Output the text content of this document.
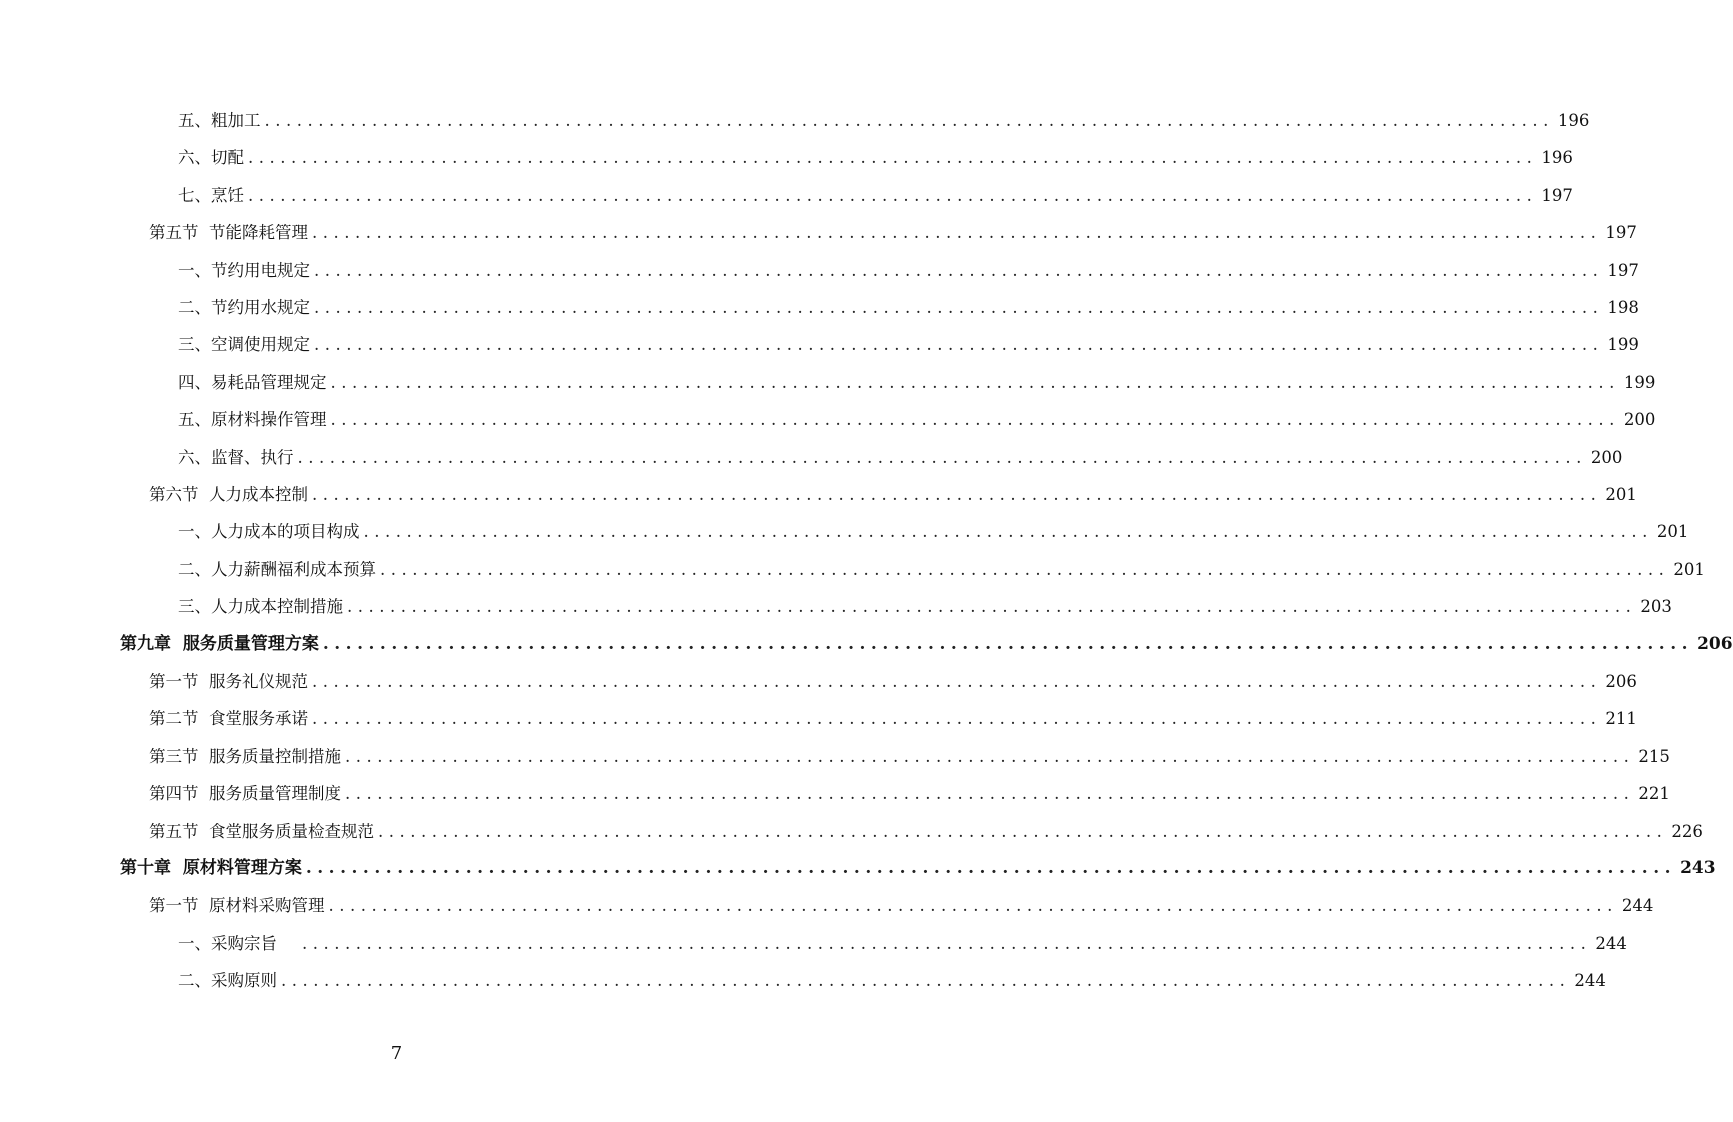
五、粗加工 ........................................................................................................................ 196
六、切配 ........................................................................................................................ 196
七、烹饪 ........................................................................................................................ 197
第五节  节能降耗管理 ........................................................................................................................ 197
一、节约用电规定 ........................................................................................................................ 197
二、节约用水规定 ........................................................................................................................ 198
三、空调使用规定 ........................................................................................................................ 199
四、易耗品管理规定 ........................................................................................................................ 199
五、原材料操作管理 ........................................................................................................................ 200
六、监督、执行 ........................................................................................................................ 200
第六节  人力成本控制 ........................................................................................................................ 201
一、人力成本的项目构成 ........................................................................................................................ 201
二、人力薪酬福利成本预算 ........................................................................................................................ 201
三、人力成本控制措施 ........................................................................................................................ 203
第九章  服务质量管理方案 ........................................................................................................................ 206
第一节  服务礼仪规范 ........................................................................................................................ 206
第二节  食堂服务承诺 ........................................................................................................................ 211
第三节  服务质量控制措施 ........................................................................................................................ 215
第四节  服务质量管理制度 ........................................................................................................................ 221
第五节  食堂服务质量检查规范 ........................................................................................................................ 226
第十章  原材料管理方案 ........................................................................................................................ 243
第一节  原材料采购管理 ........................................................................................................................ 244
一、采购宗旨 ........................................................................................................................ 244
二、采购原则 ........................................................................................................................ 244
7
